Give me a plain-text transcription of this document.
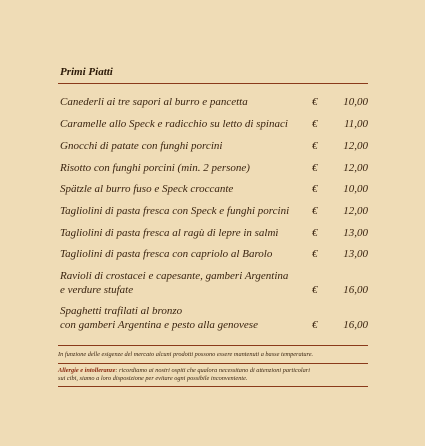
Primi Piatti
Canederli ai tre sapori al burro e pancetta	€	10,00
Caramelle allo Speck e radicchio su letto di spinaci	€	11,00
Gnocchi di patate con funghi porcini	€	12,00
Risotto con funghi porcini (min. 2 persone)	€	12,00
Spätzle al burro fuso e Speck croccante	€	10,00
Tagliolini di pasta fresca con Speck e funghi porcini	€	12,00
Tagliolini di pasta fresca al ragù di lepre in salmì	€	13,00
Tagliolini di pasta fresca con capriolo al Barolo	€	13,00
Ravioli di crostacei e capesante, gamberi Argentina
e verdure stufate	€	16,00
Spaghetti trafilati al bronzo
con gamberi Argentina e pesto alla genovese	€	16,00
In funzione delle esigenze del mercato alcuni prodotti possono essere mantenuti a basse temperature.
Allergie e intolleranze: ricordiamo ai nostri ospiti che qualora necessitano di attenzioni particolari
sui cibi, siamo a loro disposizione per evitare ogni possibile inconveniente.
